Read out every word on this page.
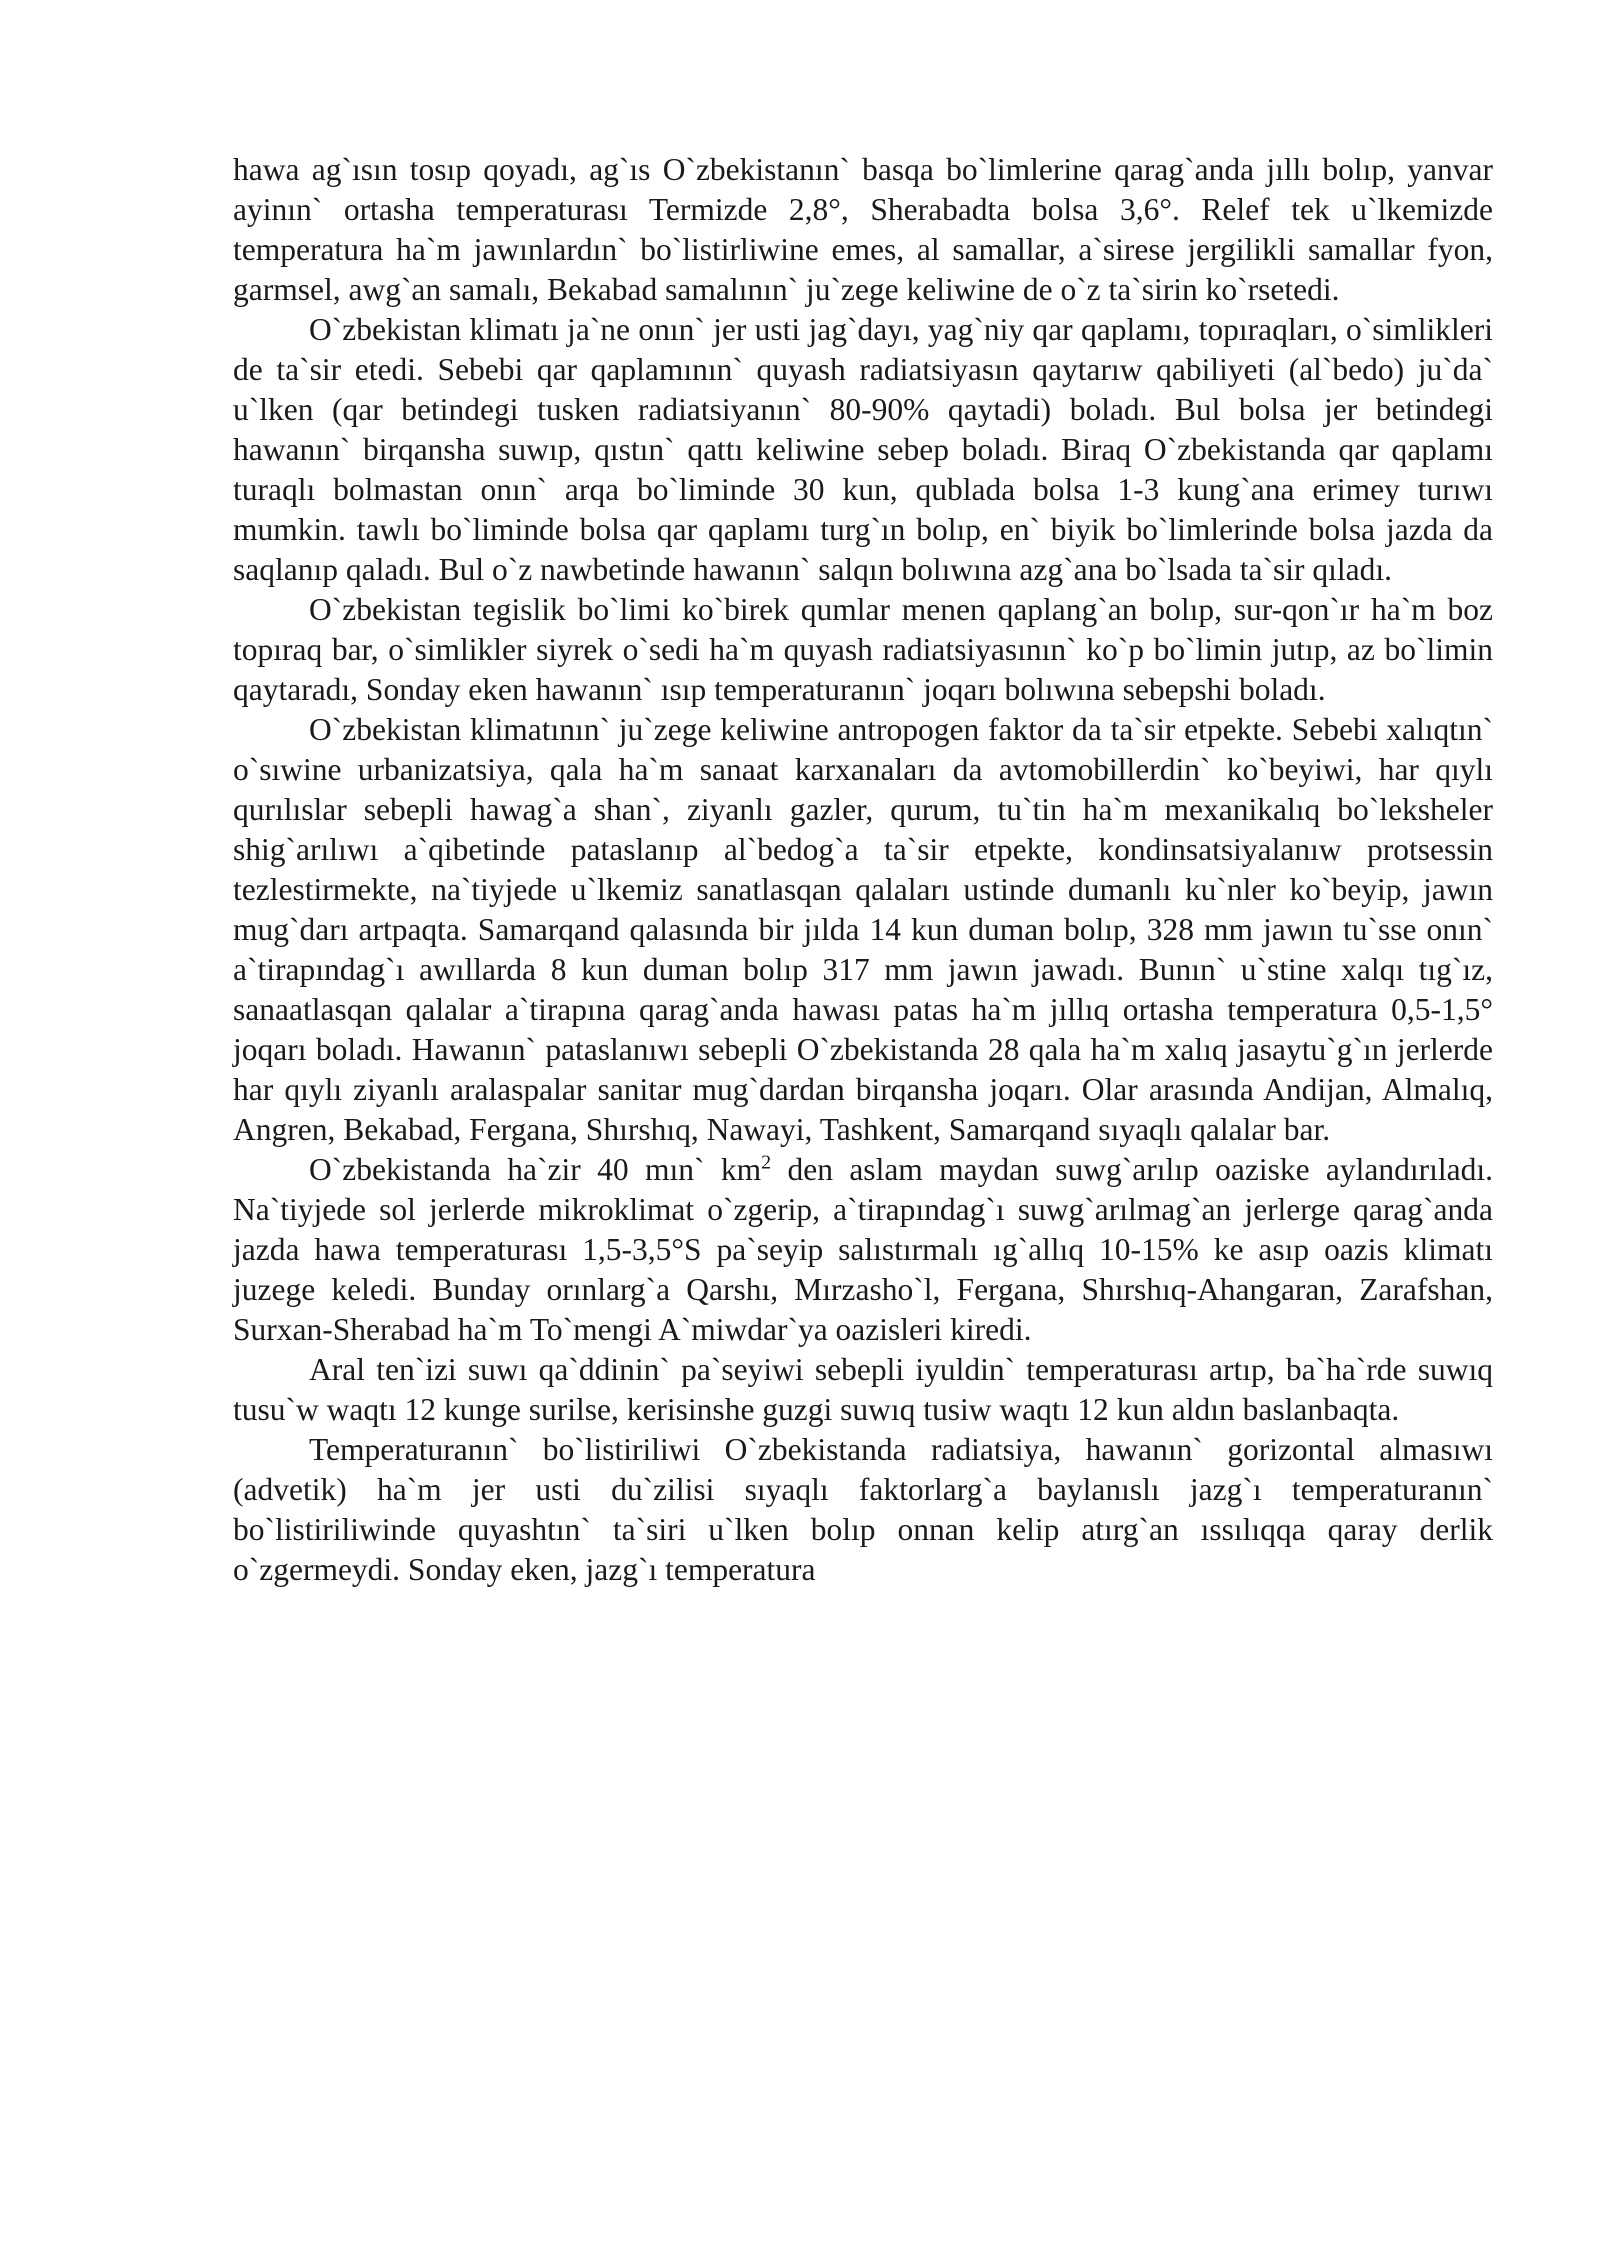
hawa ag`ısın tosıp qoyadı, ag`ıs O`zbekistanın` basqa bo`limlerine qarag`anda jıllı bolıp, yanvar ayinın` ortasha temperaturası Termizde 2,8°, Sherabadta bolsa 3,6°. Relef tek u`lkemizde temperatura ha`m jawınlardın` bo`listirliwine emes, al samallar, a`sirese jergilikli samallar fyon, garmsel, awg`an samalı, Bekabad samalının` ju`zege keliwine de o`z ta`sirin ko`rsetedi.

O`zbekistan klimatı ja`ne onın` jer usti jag`dayı, yag`niy qar qaplamı, topıraqları, o`simlikleri de ta`sir etedi. Sebebi qar qaplamının` quyash radiatsiyasın qaytarıw qabiliyeti (al`bedo) ju`da` u`lken (qar betindegi tusken radiatsiyanın` 80-90% qaytadi) boladı. Bul bolsa jer betindegi hawanın` birqansha suwıp, qıstın` qattı keliwine sebep boladı. Biraq O`zbekistanda qar qaplamı turaqlı bolmastan onın` arqa bo`liminde 30 kun, qublada bolsa 1-3 kung`ana erimey turıwı mumkin. tawlı bo`liminde bolsa qar qaplamı turg`ın bolıp, en` biyik bo`limlerinde bolsa jazda da saqlanıp qaladı. Bul o`z nawbetinde hawanın` salqın bolıwına azg`ana bo`lsada ta`sir qıladı.

O`zbekistan tegislik bo`limi ko`birek qumlar menen qaplang`an bolıp, sur-qon`ır ha`m boz topıraq bar, o`simlikler siyrek o`sedi ha`m quyash radiatsiyasının` ko`p bo`limin jutıp, az bo`limin qaytaradı, Sonday eken hawanın` ısıp temperaturanın` joqarı bolıwına sebepshi boladı.

O`zbekistan klimatının` ju`zege keliwine antropogen faktor da ta`sir etpekte. Sebebi xalıqtın` o`sıwine urbanizatsiya, qala ha`m sanaat karxanaları da avtomobillerdin` ko`beyiwi, har qıylı qurılıslar sebepli hawag`a shan`, ziyanlı gazler, qurum, tu`tin ha`m mexanikalıq bo`leksheler shig`arılıwı a`qibetinde pataslanıp al`bedog`a ta`sir etpekte, kondinsatsiyalanıw protsessin tezlestirmekte, na`tiyjede u`lkemiz sanatlasqan qalaları ustinde dumanlı ku`nler ko`beyip, jawın mug`darı artpaqta. Samarqand qalasında bir jılda 14 kun duman bolıp, 328 mm jawın tu`sse onın` a`tirapındag`ı awıllarda 8 kun duman bolıp 317 mm jawın jawadı. Bunın` u`stine xalqı tıg`ız, sanaatlasqan qalalar a`tirapına qarag`anda hawası patas ha`m jıllıq ortasha temperatura 0,5-1,5° joqarı boladı. Hawanın` pataslanıwı sebepli O`zbekistanda 28 qala ha`m xalıq jasaytu`g`ın jerlerde har qıylı ziyanlı aralaspalar sanitar mug`dardan birqansha joqarı. Olar arasında Andijan, Almalıq, Angren, Bekabad, Fergana, Shırshıq, Nawayi, Tashkent, Samarqand sıyaqlı qalalar bar.

O`zbekistanda ha`zir 40 mın` $km^2$ den aslam maydan suwg`arılıp oaziske aylandırıladı. Na`tiyjede sol jerlerde mikroklimat o`zgerip, a`tirapındag`ı suwg`arılmag`an jerlerge qarag`anda jazda hawa temperaturası 1,5-3,5°S pa`seyip salıstırmalı ıg`allıq 10-15% ke asıp oazis klimatı juzege keledi. Bunday orınlarg`a Qarshı, Mırzasho`l, Fergana, Shırshıq-Ahangaran, Zarafshan, Surxan-Sherabad ha`m To`mengi A`miwdar`ya oazisleri kiredi.

Aral ten`izi suwı qa`ddinin` pa`seyiwi sebepli iyuldin` temperaturası artıp, ba`ha`rde suwıq tusu`w waqtı 12 kunge surilse, kerisinshe guzgi suwıq tusiw waqtı 12 kun aldın baslanbaqta.

Temperaturanın` bo`listiriliwi O`zbekistanda radiatsiya, hawanın` gorizontal almasıwı (advetik) ha`m jer usti du`zilisi sıyaqlı faktorlarg`a baylanıslı jazg`ı temperaturanın` bo`listiriliwinde quyashtın` ta`siri u`lken bolıp onnan kelip atırg`an ıssılıqqa qaray derlik o`zgermeydi. Sonday eken, jazg`ı temperatura
